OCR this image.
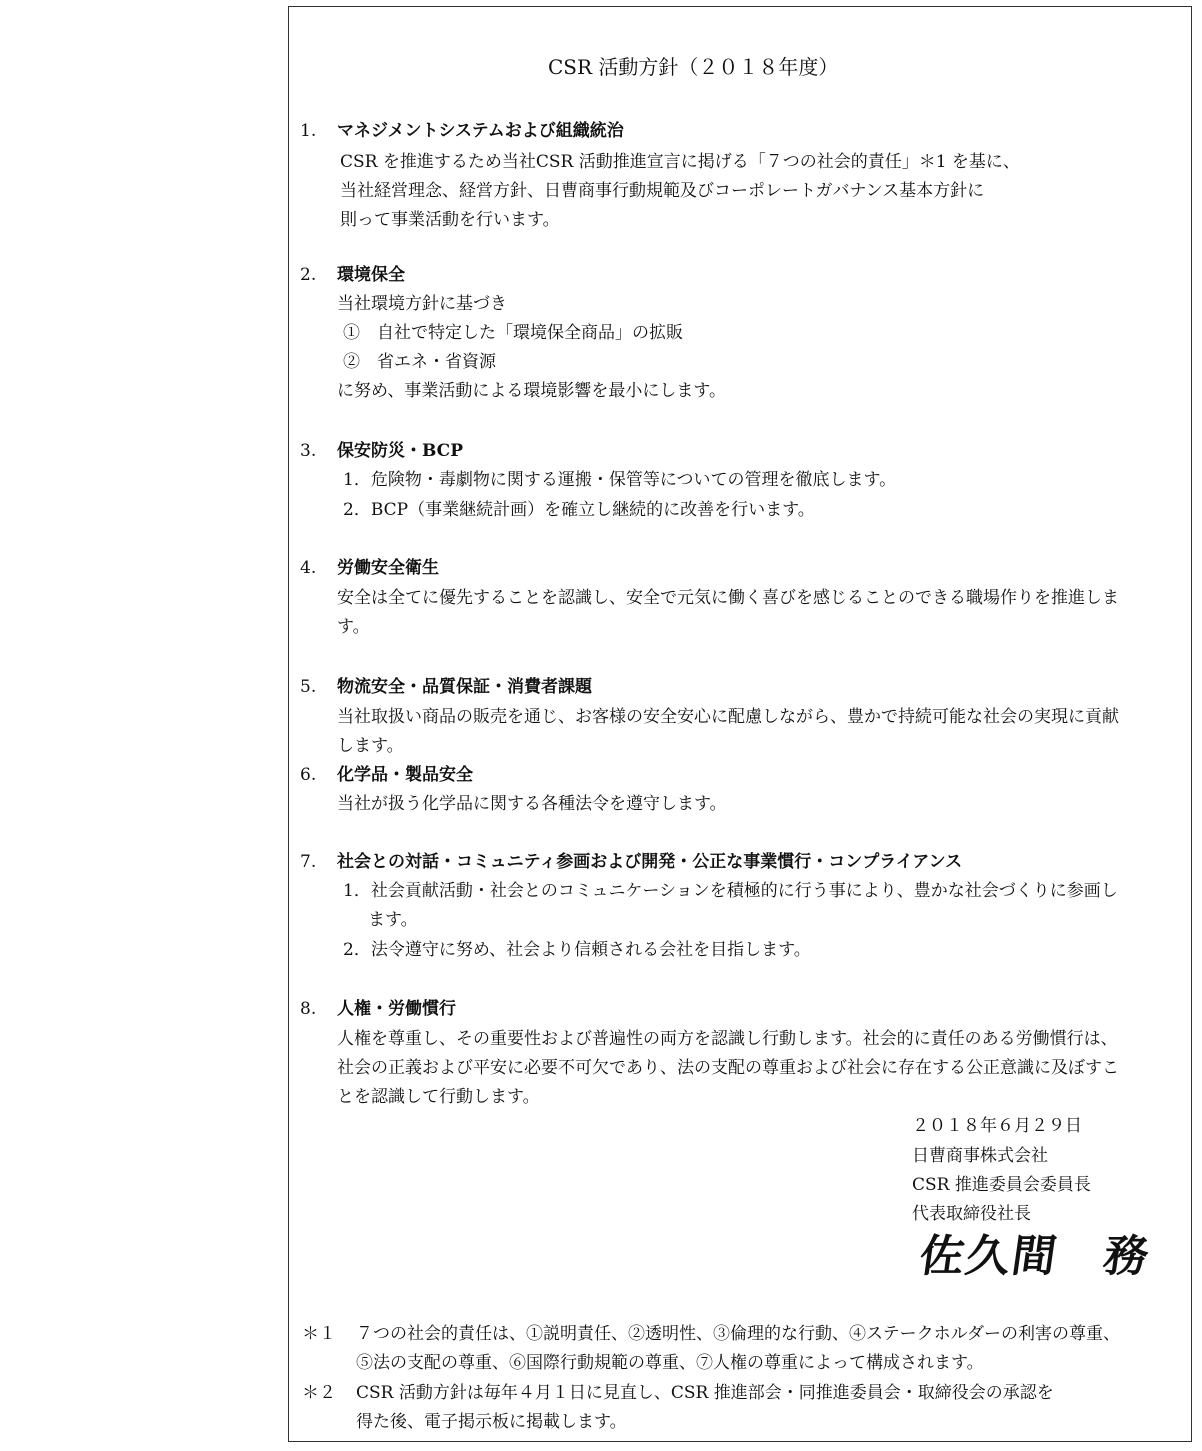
CSR 活動方針（２０１８年度）
1. マネジメントシステムおよび組織統治
CSR を推進するため当社CSR 活動推進宣言に掲げる「７つの社会的責任」＊1 を基に、
当社経営理念、経営方針、日曹商事行動規範及びコーポレートガバナンス基本方針に
則って事業活動を行います。
2. 環境保全
当社環境方針に基づき
①　自社で特定した「環境保全商品」の拡販
②　省エネ・省資源
に努め、事業活動による環境影響を最小にします。
3. 保安防災・BCP
1．危険物・毒劇物に関する運搬・保管等についての管理を徹底します。
2．BCP（事業継続計画）を確立し継続的に改善を行います。
4. 労働安全衛生
安全は全てに優先することを認識し、安全で元気に働く喜びを感じることのできる職場作りを推進しま
す。
5. 物流安全・品質保証・消費者課題
当社取扱い商品の販売を通じ、お客様の安全安心に配慮しながら、豊かで持続可能な社会の実現に貢献
します。
6. 化学品・製品安全
当社が扱う化学品に関する各種法令を遵守します。
7. 社会との対話・コミュニティ参画および開発・公正な事業慣行・コンプライアンス
1．社会貢献活動・社会とのコミュニケーションを積極的に行う事により、豊かな社会づくりに参画し
ます。
2．法令遵守に努め、社会より信頼される会社を目指します。
8. 人権・労働慣行
人権を尊重し、その重要性および普遍性の両方を認識し行動します。社会的に責任のある労働慣行は、
社会の正義および平安に必要不可欠であり、法の支配の尊重および社会に存在する公正意識に及ぼすこ
とを認識して行動します。
２０１８年６月２９日
日曹商事株式会社
CSR 推進委員会委員長
代表取締役社長
佐久間　務
＊１ ７つの社会的責任は、①説明責任、②透明性、③倫理的な行動、④ステークホルダーの利害の尊重、
⑤法の支配の尊重、⑥国際行動規範の尊重、⑦人権の尊重によって構成されます。
＊２ CSR 活動方針は毎年４月１日に見直し、CSR 推進部会・同推進委員会・取締役会の承認を
得た後、電子掲示板に掲載します。
